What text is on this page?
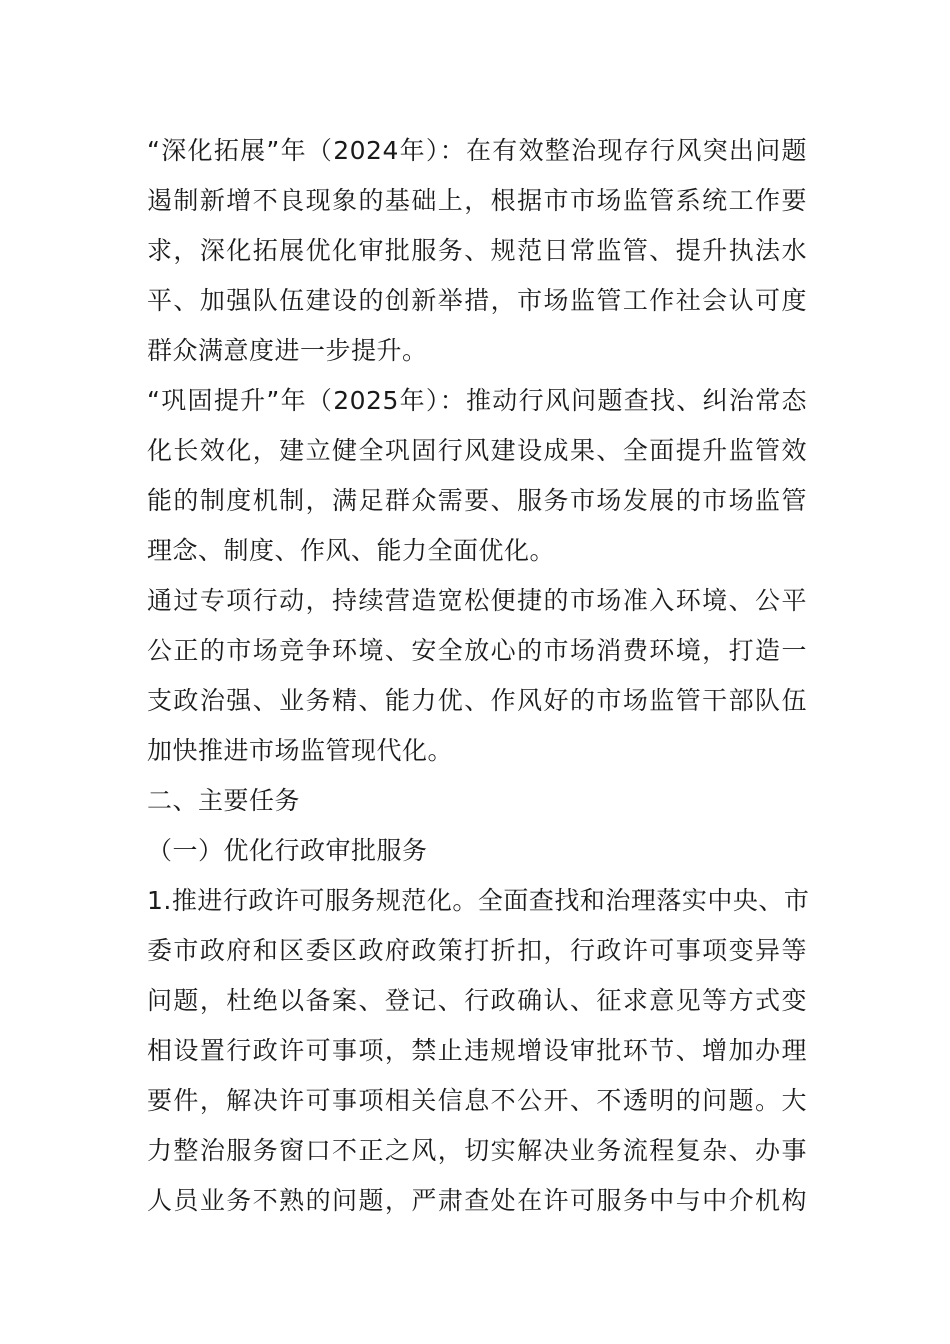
“深化拓展”年（2024年）：在有效整治现存行风突出问题
遏制新增不良现象的基础上，根据市市场监管系统工作要
求，深化拓展优化审批服务、规范日常监管、提升执法水
平、加强队伍建设的创新举措，市场监管工作社会认可度
群众满意度进一步提升。
“巩固提升”年（2025年）：推动行风问题查找、纠治常态
化长效化，建立健全巩固行风建设成果、全面提升监管效
能的制度机制，满足群众需要、服务市场发展的市场监管
理念、制度、作风、能力全面优化。
通过专项行动，持续营造宽松便捷的市场准入环境、公平
公正的市场竞争环境、安全放心的市场消费环境，打造一
支政治强、业务精、能力优、作风好的市场监管干部队伍
加快推进市场监管现代化。
二、主要任务
（一）优化行政审批服务
1.推进行政许可服务规范化。全面查找和治理落实中央、市
委市政府和区委区政府政策打折扣，行政许可事项变异等
问题，杜绝以备案、登记、行政确认、征求意见等方式变
相设置行政许可事项，禁止违规增设审批环节、增加办理
要件，解决许可事项相关信息不公开、不透明的问题。大
力整治服务窗口不正之风，切实解决业务流程复杂、办事
人员业务不熟的问题，严肃查处在许可服务中与中介机构
